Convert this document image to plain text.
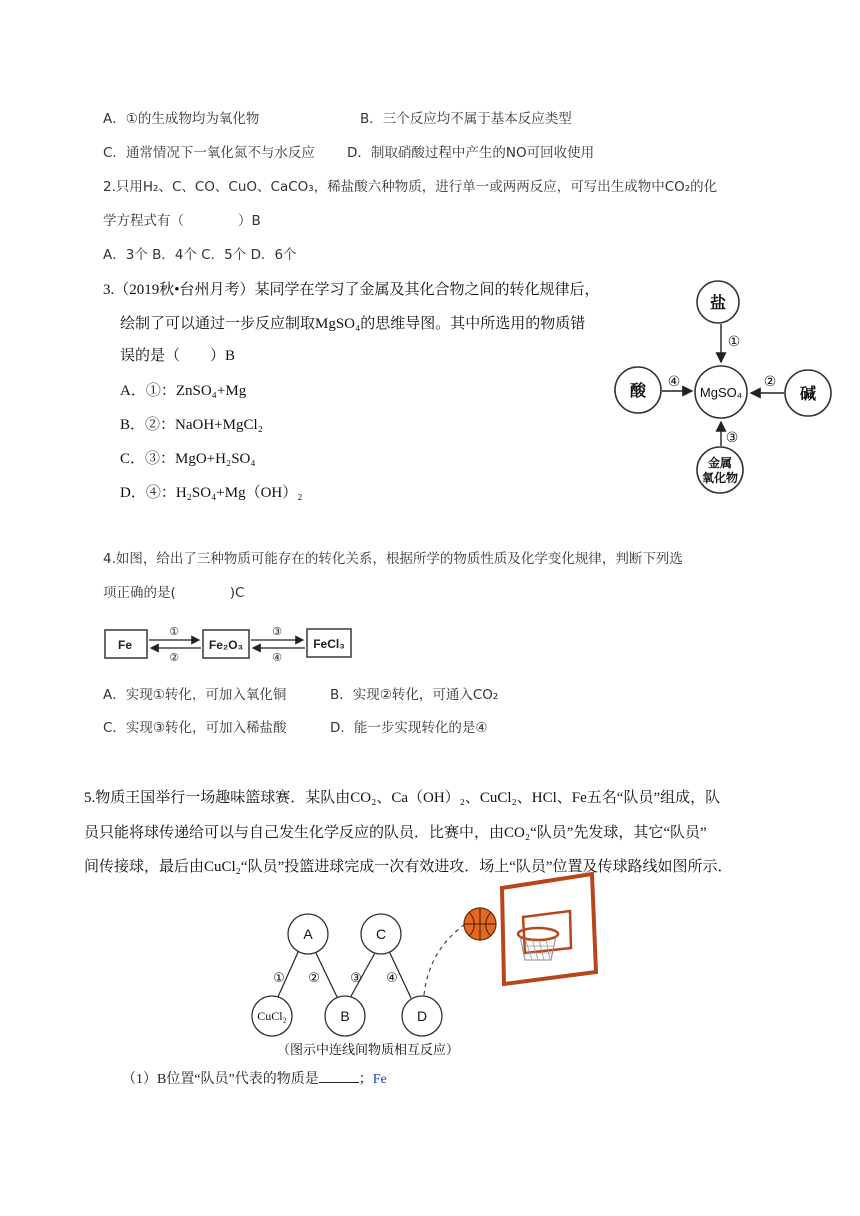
A．①的生成物均为氧化物	B．三个反应均不属于基本反应类型
C．通常情况下一氧化氮不与水反应 D．制取硝酸过程中产生的NO可回收使用
2.只用H₂、C、CO、CuO、CaCO₃，稀盐酸六种物质，进行单一或两两反应，可写出生成物中CO₂的化
学方程式有（　　　　）B
A．3个 B．4个 C．5个 D．6个
3.（2019秋•台州月考）某同学在学习了金属及其化合物之间的转化规律后，
绘制了可以通过一步反应制取MgSO₄的思维导图。其中所选用的物质错
误的是（　　）B
A．①：ZnSO₄+Mg
B．②：NaOH+MgCl₂
C．③：MgO+H₂SO₄
D．④：H₂SO₄+Mg（OH）₂
盐
酸	碱
MgSO₄
金属
氧化物
①
④	②
③
4.如图，给出了三种物质可能存在的转化关系，根据所学的物质性质及化学变化规律，判断下列选
项正确的是(　　　　)C
Fe	Fe₂O₃	FeCl₃
①
②
③
④
A．实现①转化，可加入氧化铜	B．实现②转化，可通入CO₂
C．实现③转化，可加入稀盐酸	D．能一步实现转化的是④
5.物质王国举行一场趣味篮球赛．某队由CO₂、Ca（OH）₂、CuCl₂、HCl、Fe五名“队员”组成，队
员只能将球传递给可以与自己发生化学反应的队员．比赛中，由CO₂“队员”先发球，其它“队员”
间传接球，最后由CuCl₂“队员”投篮进球完成一次有效进攻．场上“队员”位置及传球路线如图所示．
A	C
B	D
CuCl₂
① ② ③ ④
（图示中连线间物质相互反应）
（1）B位置“队员”代表的物质是	；Fe
